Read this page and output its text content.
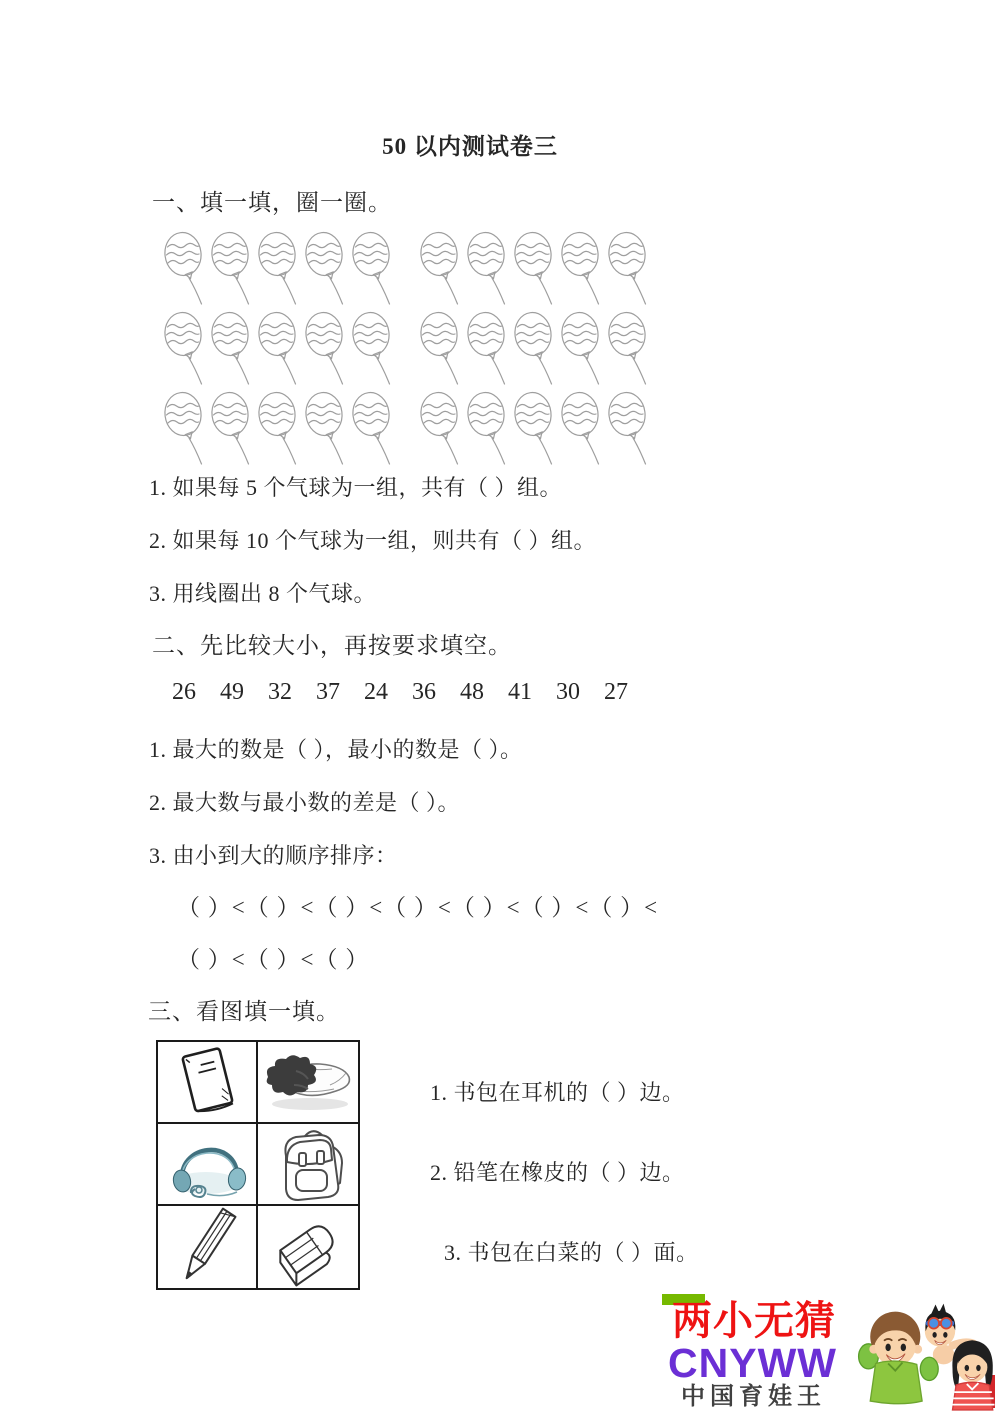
50 以内测试卷三
一、填一填，圈一圈。
1. 如果每 5 个气球为一组，共有（ ）组。
2. 如果每 10 个气球为一组，则共有（ ）组。
3. 用线圈出 8 个气球。
二、先比较大小，再按要求填空。
26 49 32 37 24 36 48 41 30 27
1. 最大的数是（ ），最小的数是（ ）。
2. 最大数与最小数的差是（ ）。
3. 由小到大的顺序排序：
（ ）<（ ）<（ ）<（ ）<（ ）<（ ）<（ ）<
（ ）<（ ）<（ ）
三、看图填一填。
1. 书包在耳机的（ ）边。
2. 铅笔在橡皮的（ ）边。
3. 书包在白菜的（ ）面。
两小无猜
CNYWW
中国育娃王
